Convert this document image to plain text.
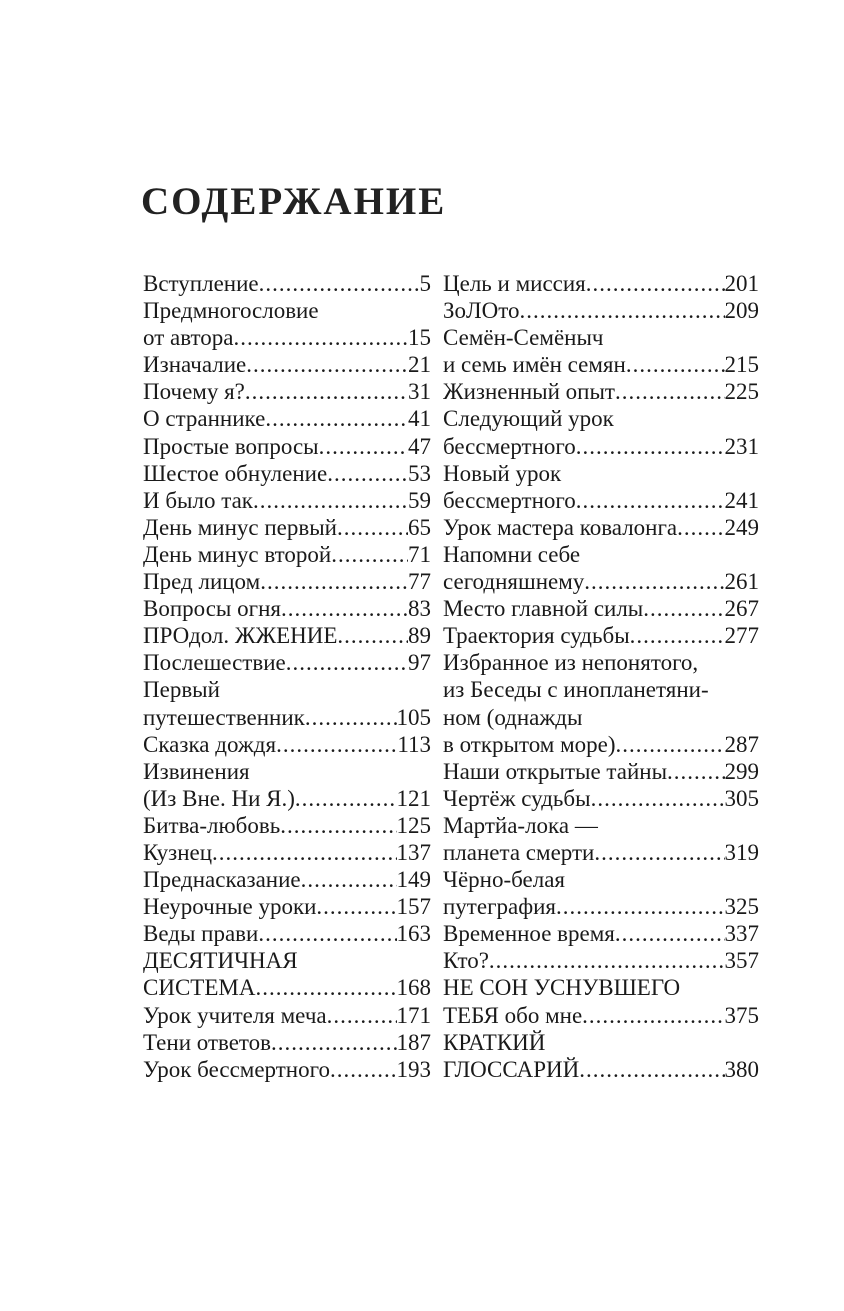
содержание
Вступление .....	5
Предмногословие
от автора .....	15
Изначалие .....	21
Почему я? .....	31
О страннике .....	41
Простые вопросы .....	47
Шестое обнуление .....	53
И было так .....	59
День минус первый .....	65
День минус второй .....	71
Пред лицом .....	77
Вопросы огня .....	83
ПРОдол. ЖЖЕНИЕ .....	89
Послешествие .....	97
Первый
путешественник .....	105
Сказка дождя .....	113
Извинения
(Из Вне. Ни Я.) .....	121
Битва-любовь .....	125
Кузнец .....	137
Преднасказание .....	149
Неурочные уроки .....	157
Веды прави .....	163
ДЕСЯТИЧНАЯ
СИСТЕМА .....	168
Урок учителя меча .....	171
Тени ответов .....	187
Урок бессмертного .....	193
Цель и миссия .....	201
ЗоЛОто .....	209
Семён-Семёныч
и семь имён семян .....	215
Жизненный опыт .....	225
Следующий урок
бессмертного .....	231
Новый урок
бессмертного .....	241
Урок мастера ковалонга ..... 249
Напомни себе
сегодняшнему .....	261
Место главной силы .....	267
Траектория судьбы .....	277
Избранное из непонятого,
из Беседы с инопланетяни-
ном (однажды
в открытом море) .....	287
Наши открытые тайны ..... 299
Чертёж судьбы .....	305
Мартйа-лока —
планета смерти .....	319
Чёрно-белая
путеграфия .....	325
Временное время .....	337
Кто? .....	357
НЕ СОН УСНУВШЕГО
ТЕБЯ обо мне .....	375
КРАТКИЙ
ГЛОССАРИЙ .....	380
